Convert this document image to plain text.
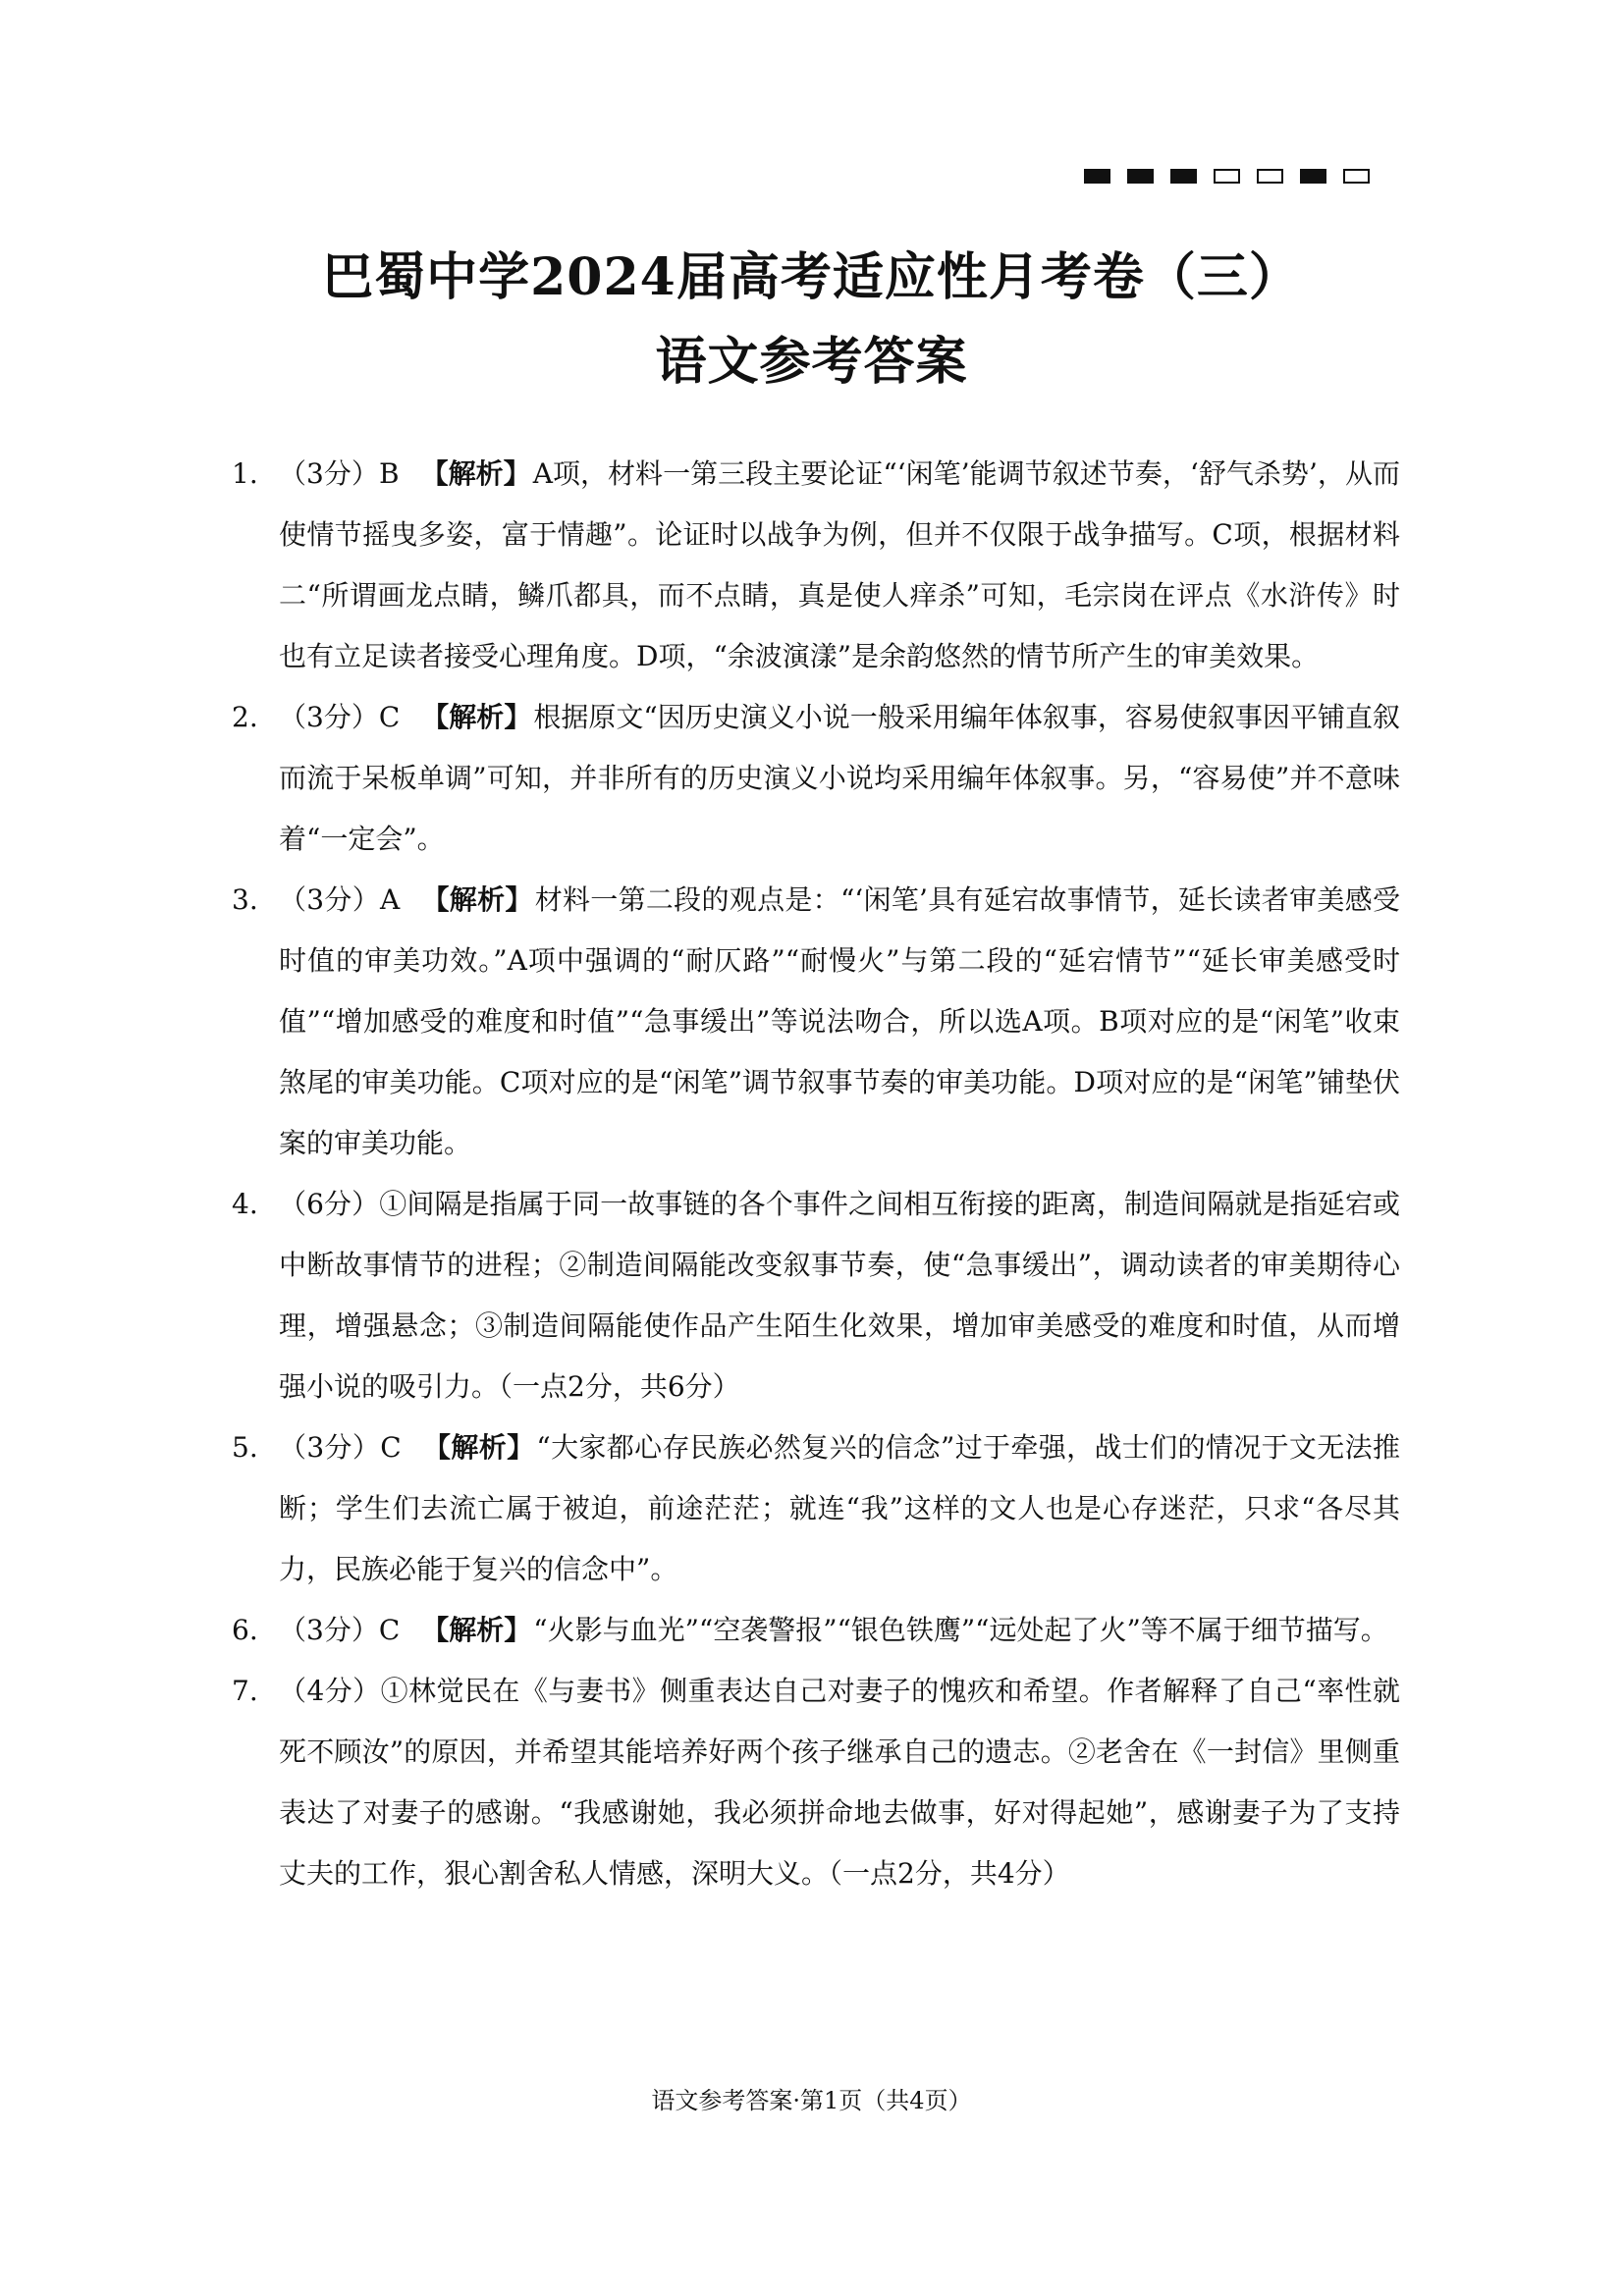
巴蜀中学2024届高考适应性月考卷（三）
语文参考答案
1. （3分）B 【解析】A项，材料一第三段主要论证“‘闲笔’能调节叙述节奏，‘舒气杀势’，从而使情节摇曳多姿，富于情趣”。论证时以战争为例，但并不仅限于战争描写。C项，根据材料二“所谓画龙点睛，鳞爪都具，而不点睛，真是使人痒杀”可知，毛宗岗在评点《水浒传》时也有立足读者接受心理角度。D项，“余波演漾”是余韵悠然的情节所产生的审美效果。
2. （3分）C 【解析】根据原文“因历史演义小说一般采用编年体叙事，容易使叙事因平铺直叙而流于呆板单调”可知，并非所有的历史演义小说均采用编年体叙事。另，“容易使”并不意味着“一定会”。
3. （3分）A 【解析】材料一第二段的观点是：“‘闲笔’具有延宕故事情节，延长读者审美感受时值的审美功效。”A项中强调的“耐仄路”“耐慢火”与第二段的“延宕情节”“延长审美感受时值”“增加感受的难度和时值”“急事缓出”等说法吻合，所以选A项。B项对应的是“闲笔”收束煞尾的审美功能。C项对应的是“闲笔”调节叙事节奏的审美功能。D项对应的是“闲笔”铺垫伏案的审美功能。
4. （6分）①间隔是指属于同一故事链的各个事件之间相互衔接的距离，制造间隔就是指延宕或中断故事情节的进程；②制造间隔能改变叙事节奏，使“急事缓出”，调动读者的审美期待心理，增强悬念；③制造间隔能使作品产生陌生化效果，增加审美感受的难度和时值，从而增强小说的吸引力。（一点2分，共6分）
5. （3分）C 【解析】“大家都心存民族必然复兴的信念”过于牵强，战士们的情况于文无法推断；学生们去流亡属于被迫，前途茫茫；就连“我”这样的文人也是心存迷茫，只求“各尽其力，民族必能于复兴的信念中”。
6. （3分）C 【解析】“火影与血光”“空袭警报”“银色铁鹰”“远处起了火”等不属于细节描写。
7. （4分）①林觉民在《与妻书》侧重表达自己对妻子的愧疚和希望。作者解释了自己“率性就死不顾汝”的原因，并希望其能培养好两个孩子继承自己的遗志。②老舍在《一封信》里侧重表达了对妻子的感谢。“我感谢她，我必须拼命地去做事，好对得起她”，感谢妻子为了支持丈夫的工作，狠心割舍私人情感，深明大义。（一点2分，共4分）
语文参考答案·第1页（共4页）
